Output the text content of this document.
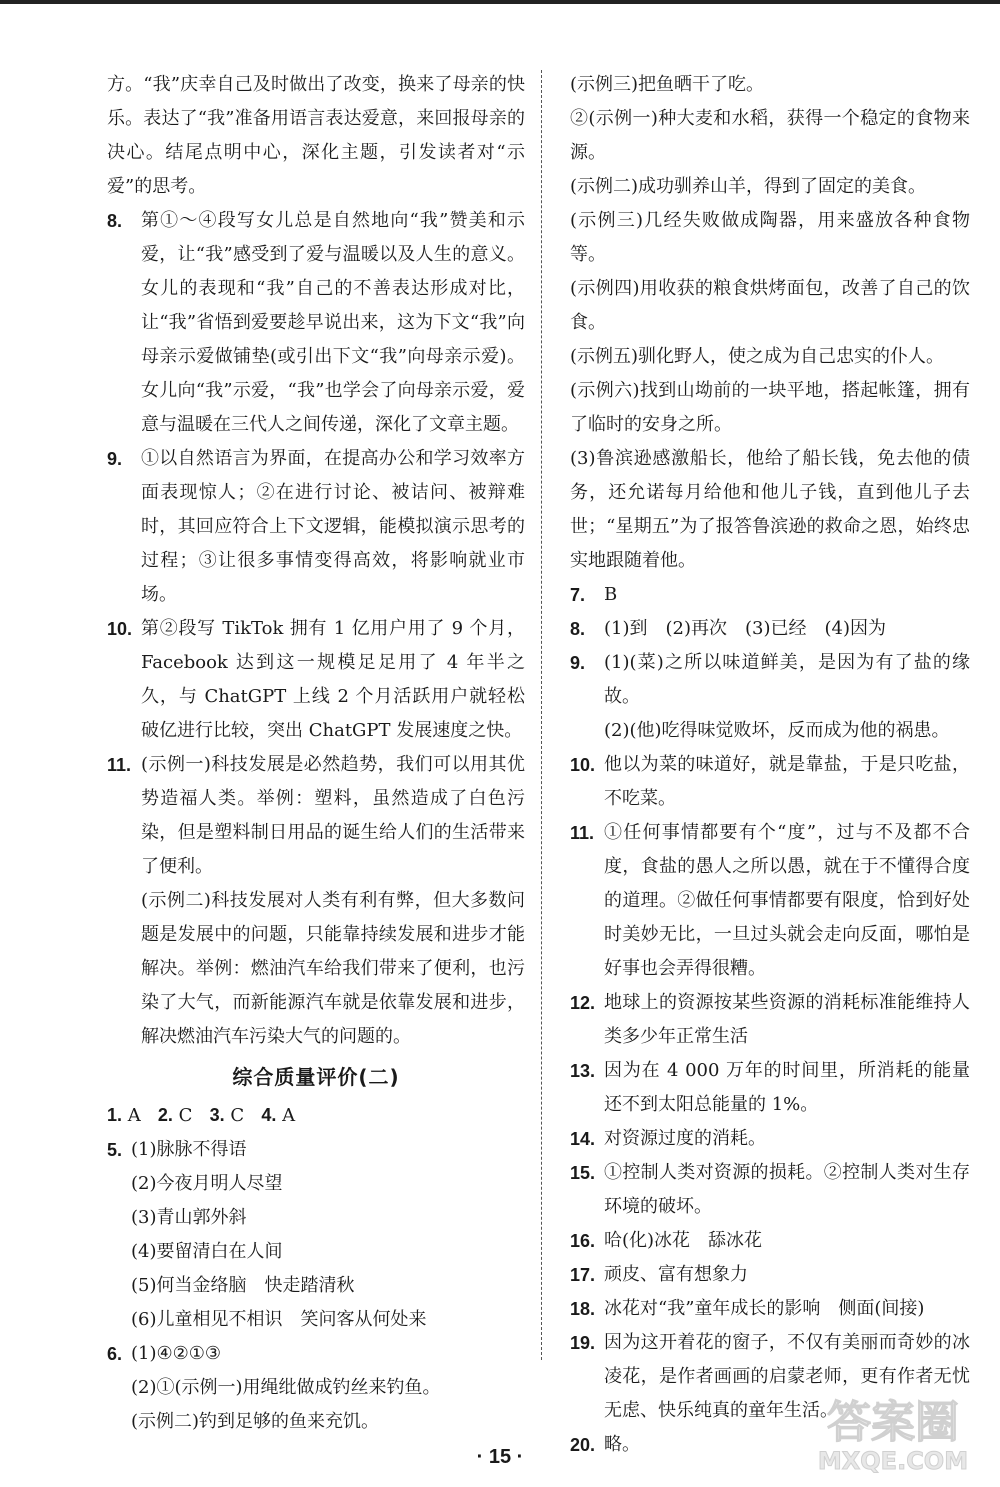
方。“我”庆幸自己及时做出了改变，换来了母亲的快乐。表达了“我”准备用语言表达爱意，来回报母亲的决心。结尾点明中心，深化主题，引发读者对“示爱”的思考。

8.	第①～④段写女儿总是自然地向“我”赞美和示爱，让“我”感受到了爱与温暖以及人生的意义。女儿的表现和“我”自己的不善表达形成对比，让“我”省悟到爱要趁早说出来，这为下文“我”向母亲示爱做铺垫(或引出下文“我”向母亲示爱)。女儿向“我”示爱，“我”也学会了向母亲示爱，爱意与温暖在三代人之间传递，深化了文章主题。

9.	①以自然语言为界面，在提高办公和学习效率方面表现惊人；②在进行讨论、被诘问、被辩难时，其回应符合上下文逻辑，能模拟演示思考的过程；③让很多事情变得高效，将影响就业市场。

10. 第②段写 TikTok 拥有 1 亿用户用了 9 个月，Facebook 达到这一规模足足用了 4 年半之久，与 ChatGPT 上线 2 个月活跃用户就轻松破亿进行比较，突出 ChatGPT 发展速度之快。

11. (示例一)科技发展是必然趋势，我们可以用其优势造福人类。举例：塑料，虽然造成了白色污染，但是塑料制日用品的诞生给人们的生活带来了便利。

(示例二)科技发展对人类有利有弊，但大多数问题是发展中的问题，只能靠持续发展和进步才能解决。举例：燃油汽车给我们带来了便利，也污染了大气，而新能源汽车就是依靠发展和进步，解决燃油汽车污染大气的问题的。

综合质量评价(二)
1. A 2. C 3. C 4. A
5. (1)脉脉不得语

(2)今夜月明人尽望

(3)青山郭外斜

(4)要留清白在人间

(5)何当金络脑　快走踏清秋

(6)儿童相见不相识　笑问客从何处来

6. (1)④②①③

(2)①(示例一)用绳纰做成钓丝来钓鱼。

(示例二)钓到足够的鱼来充饥。

(示例三)把鱼晒干了吃。

②(示例一)种大麦和水稻，获得一个稳定的食物来源。

(示例二)成功驯养山羊，得到了固定的美食。

(示例三)几经失败做成陶器，用来盛放各种食物等。

(示例四)用收获的粮食烘烤面包，改善了自己的饮食。

(示例五)驯化野人，使之成为自己忠实的仆人。

(示例六)找到山坳前的一块平地，搭起帐篷，拥有了临时的安身之所。

(3)鲁滨逊感激船长，他给了船长钱，免去他的债务，还允诺每月给他和他儿子钱，直到他儿子去世；“星期五”为了报答鲁滨逊的救命之恩，始终忠实地跟随着他。

7.	B

8.	(1)到　(2)再次　(3)已经　(4)因为

9.	(1)(菜)之所以味道鲜美，是因为有了盐的缘故。

(2)(他)吃得味觉败坏，反而成为他的祸患。

10. 他以为菜的味道好，就是靠盐，于是只吃盐，不吃菜。

11. ①任何事情都要有个“度”，过与不及都不合度，食盐的愚人之所以愚，就在于不懂得合度的道理。②做任何事情都要有限度，恰到好处时美妙无比，一旦过头就会走向反面，哪怕是好事也会弄得很糟。

12. 地球上的资源按某些资源的消耗标准能维持人类多少年正常生活

13. 因为在 4 000 万年的时间里，所消耗的能量还不到太阳总能量的 1%。

14. 对资源过度的消耗。

15. ①控制人类对资源的损耗。②控制人类对生存环境的破坏。

16. 哈(化)冰花　舔冰花

17. 顽皮、富有想象力

18. 冰花对“我”童年成长的影响　侧面(间接)

19. 因为这开着花的窗子，不仅有美丽而奇妙的冰凌花，是作者画画的启蒙老师，更有作者无忧无虑、快乐纯真的童年生活。

20. 略。

· 15 ·
答案圈
MXQE.COM
